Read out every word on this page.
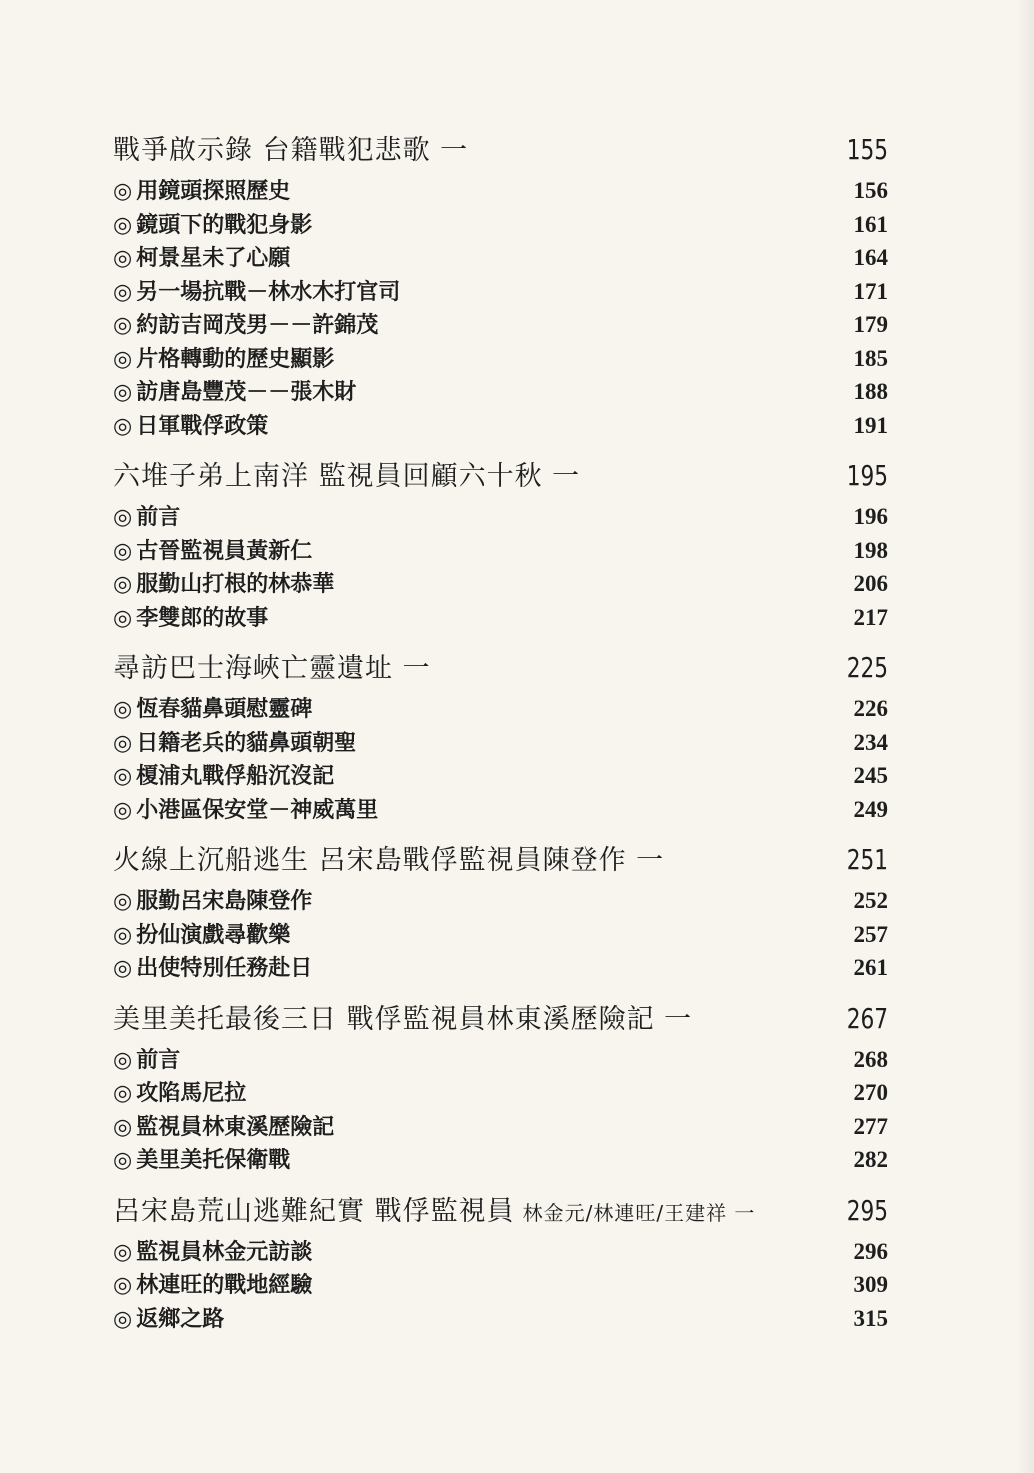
戰爭啟示錄 台籍戰犯悲歌 一	155
◎ 用鏡頭探照歷史	156
◎ 鏡頭下的戰犯身影	161
◎ 柯景星未了心願	164
◎ 另一場抗戰－林水木打官司	171
◎ 約訪吉岡茂男－－許錦茂	179
◎ 片格轉動的歷史顯影	185
◎ 訪唐島豐茂－－張木財	188
◎ 日軍戰俘政策	191
六堆子弟上南洋 監視員回顧六十秋 一	195
◎ 前言	196
◎ 古晉監視員黃新仁	198
◎ 服勤山打根的林恭華	206
◎ 李雙郎的故事	217
尋訪巴士海峽亡靈遺址 一	225
◎ 恆春貓鼻頭慰靈碑	226
◎ 日籍老兵的貓鼻頭朝聖	234
◎ 榎浦丸戰俘船沉沒記	245
◎ 小港區保安堂－神威萬里	249
火線上沉船逃生 呂宋島戰俘監視員陳登作 一	251
◎ 服勤呂宋島陳登作	252
◎ 扮仙演戲尋歡樂	257
◎ 出使特別任務赴日	261
美里美托最後三日 戰俘監視員林東溪歷險記 一	267
◎ 前言	268
◎ 攻陷馬尼拉	270
◎ 監視員林東溪歷險記	277
◎ 美里美托保衛戰	282
呂宋島荒山逃難紀實 戰俘監視員 林金元/林連旺/王建祥 一	295
◎ 監視員林金元訪談	296
◎ 林連旺的戰地經驗	309
◎ 返鄉之路	315
